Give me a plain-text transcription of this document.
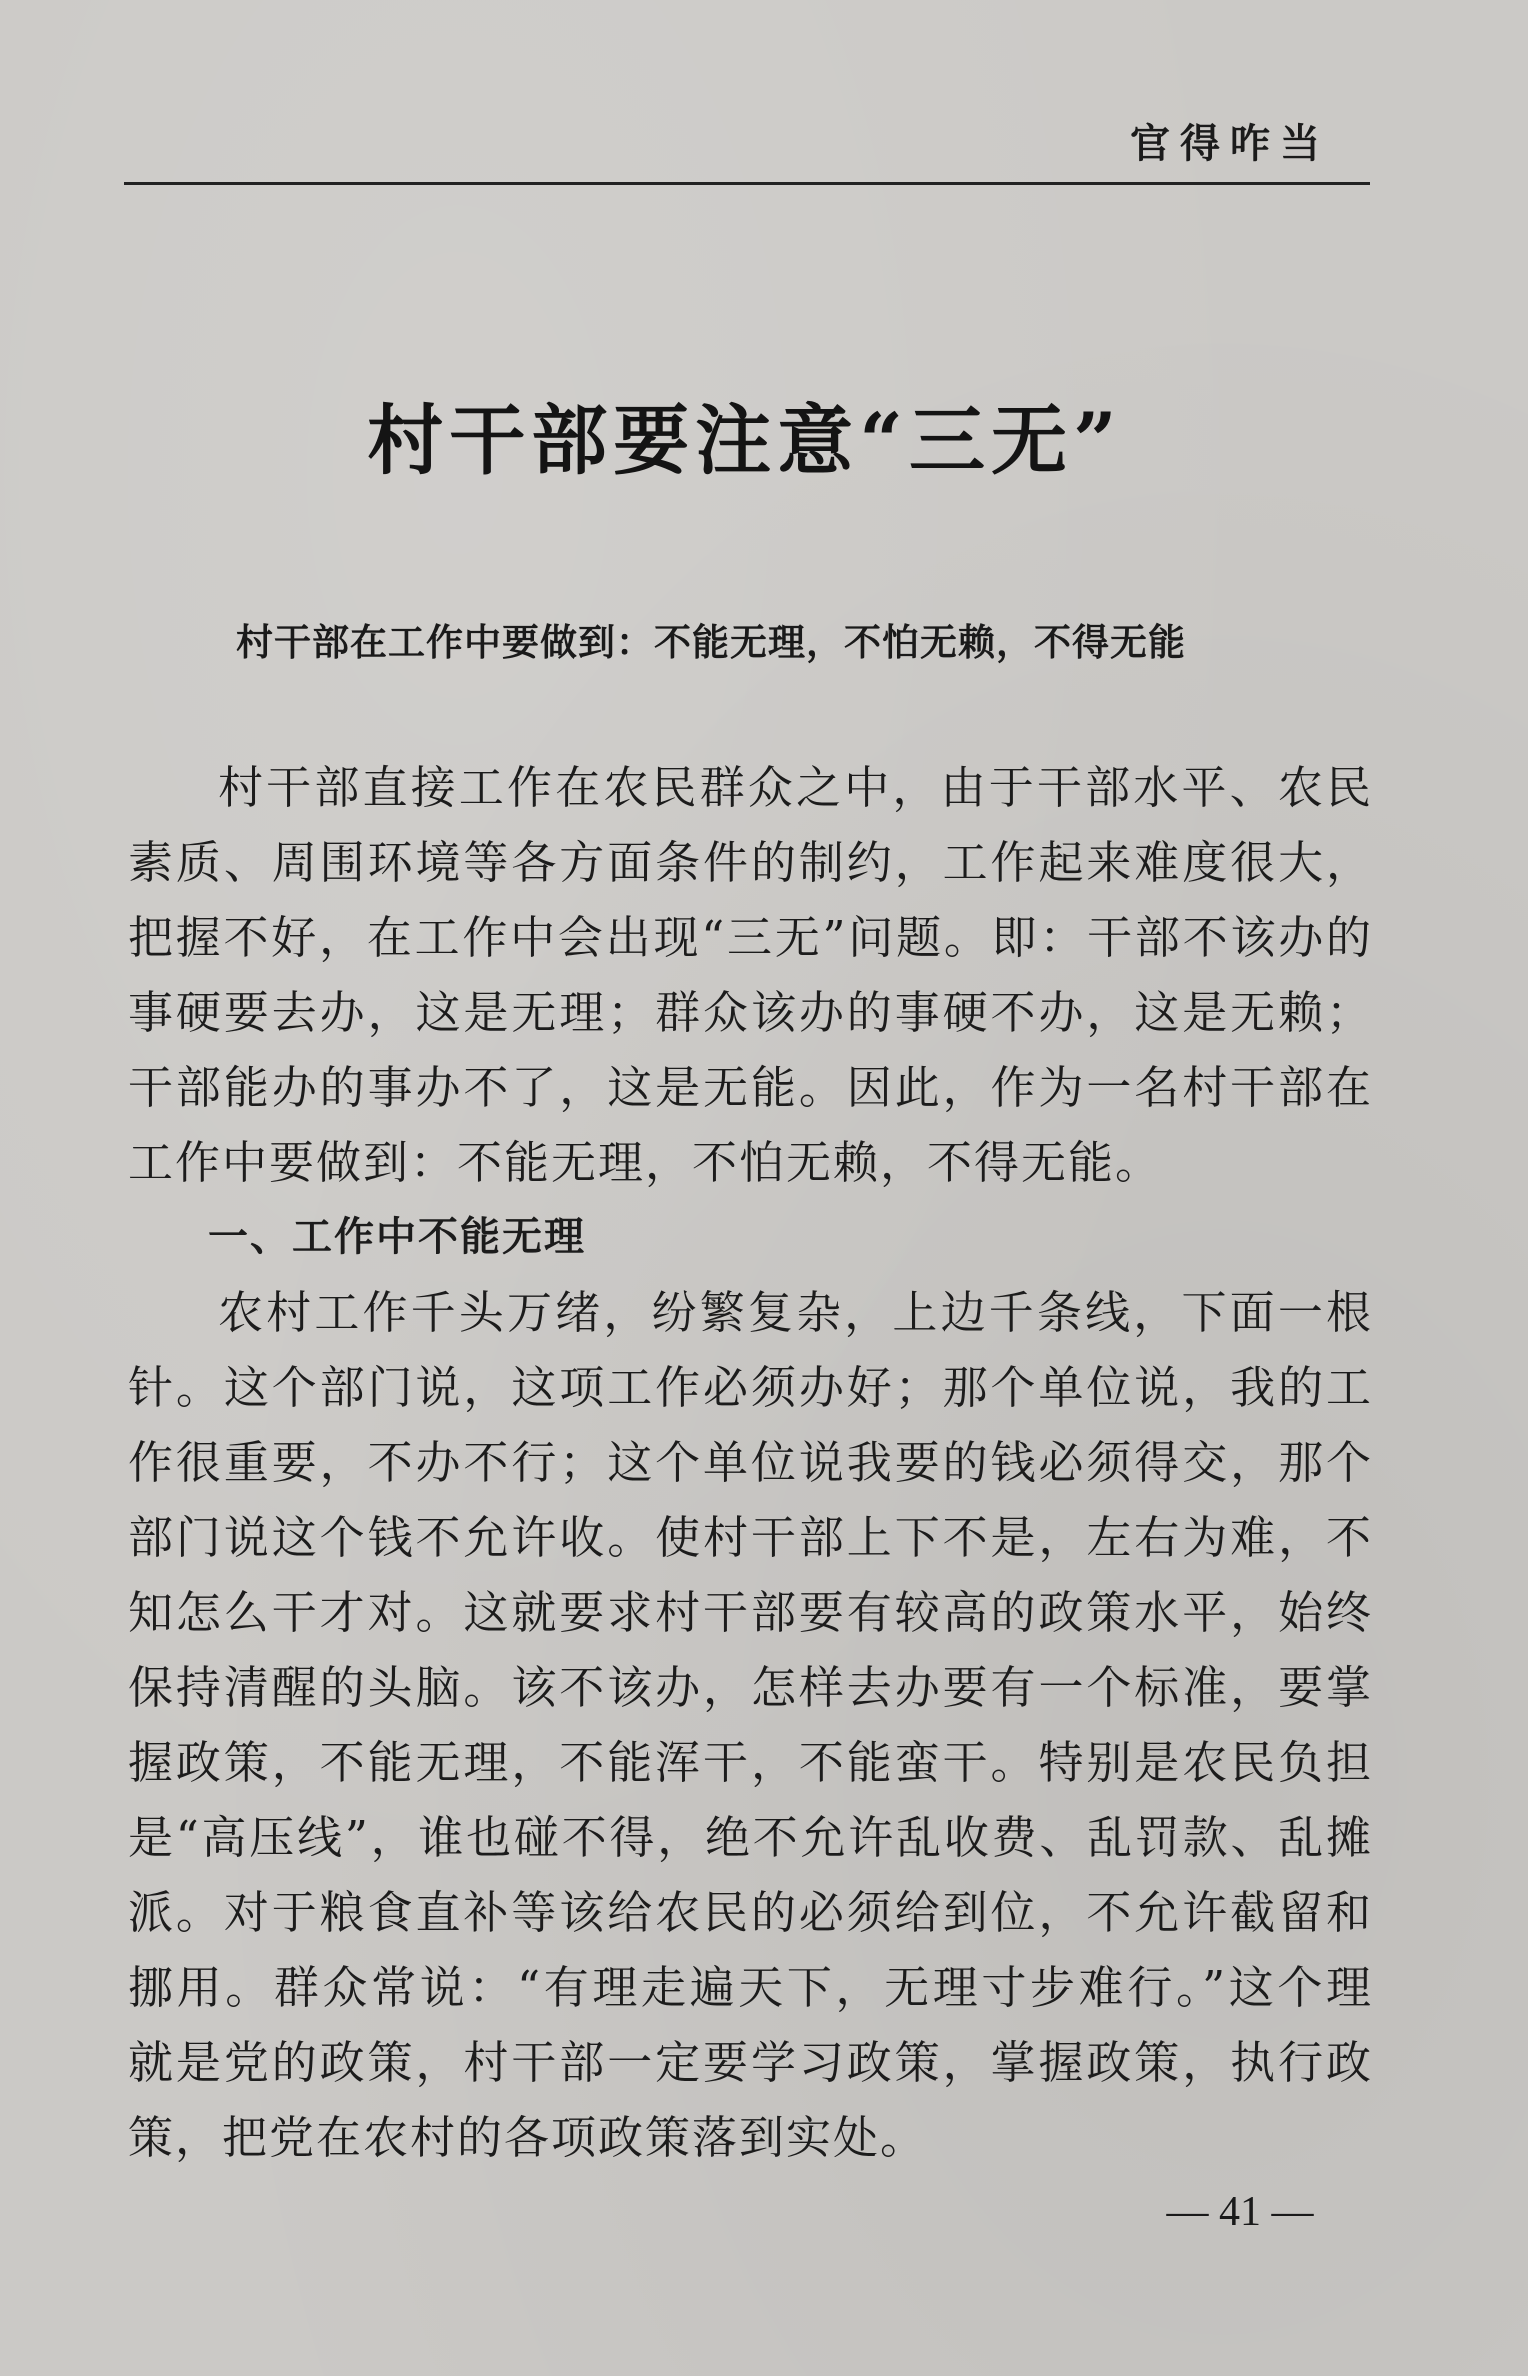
官得咋当
村干部要注意“三无”
村干部在工作中要做到：不能无理，不怕无赖，不得无能

村干部直接工作在农民群众之中，由于干部水平、农民素质、周围环境等各方面条件的制约，工作起来难度很大，把握不好，在工作中会出现“三无”问题。即：干部不该办的事硬要去办，这是无理；群众该办的事硬不办，这是无赖；干部能办的事办不了，这是无能。因此，作为一名村干部在工作中要做到：不能无理，不怕无赖，不得无能。

一、工作中不能无理

农村工作千头万绪，纷繁复杂，上边千条线，下面一根针。这个部门说，这项工作必须办好；那个单位说，我的工作很重要，不办不行；这个单位说我要的钱必须得交，那个部门说这个钱不允许收。使村干部上下不是，左右为难，不知怎么干才对。这就要求村干部要有较高的政策水平，始终保持清醒的头脑。该不该办，怎样去办要有一个标准，要掌握政策，不能无理，不能浑干，不能蛮干。特别是农民负担是“高压线”，谁也碰不得，绝不允许乱收费、乱罚款、乱摊派。对于粮食直补等该给农民的必须给到位，不允许截留和挪用。群众常说：“有理走遍天下，无理寸步难行。”这个理就是党的政策，村干部一定要学习政策，掌握政策，执行政策，把党在农村的各项政策落到实处。

— 41 —
